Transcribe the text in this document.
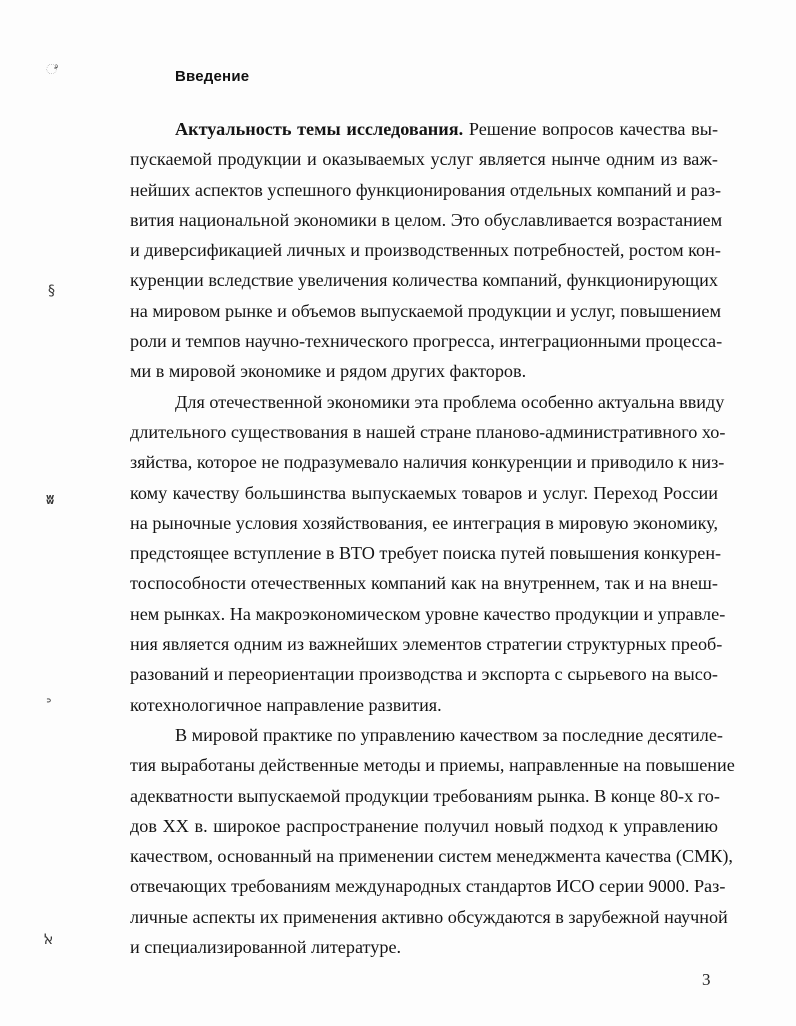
ೆ
§
ʬ
ᐣ
ﭏ
Введение
Актуальность темы исследования. Решение вопросов качества вы-
пускаемой продукции и оказываемых услуг является нынче одним из важ-
нейших аспектов успешного функционирования отдельных компаний и раз-
вития национальной экономики в целом. Это обуславливается возрастанием
и диверсификацией личных и производственных потребностей, ростом кон-
куренции вследствие увеличения количества компаний, функционирующих
на мировом рынке и объемов выпускаемой продукции и услуг, повышением
роли и темпов научно-технического прогресса, интеграционными процесса-
ми в мировой экономике и рядом других факторов.
Для отечественной экономики эта проблема особенно актуальна ввиду
длительного существования в нашей стране планово-административного хо-
зяйства, которое не подразумевало наличия конкуренции и приводило к низ-
кому качеству большинства выпускаемых товаров и услуг. Переход России
на рыночные условия хозяйствования, ее интеграция в мировую экономику,
предстоящее вступление в ВТО требует поиска путей повышения конкурен-
тоспособности отечественных компаний как на внутреннем, так и на внеш-
нем рынках. На макроэкономическом уровне качество продукции и управле-
ния является одним из важнейших элементов стратегии структурных преоб-
разований и переориентации производства и экспорта с сырьевого на высо-
котехнологичное направление развития.
В мировой практике по управлению качеством за последние десятиле-
тия выработаны действенные методы и приемы, направленные на повышение
адекватности выпускаемой продукции требованиям рынка. В конце 80-х го-
дов XX в. широкое распространение получил новый подход к управлению
качеством, основанный на применении систем менеджмента качества (СМК),
отвечающих требованиям международных стандартов ИСО серии 9000. Раз-
личные аспекты их применения активно обсуждаются в зарубежной научной
и специализированной литературе.
3
